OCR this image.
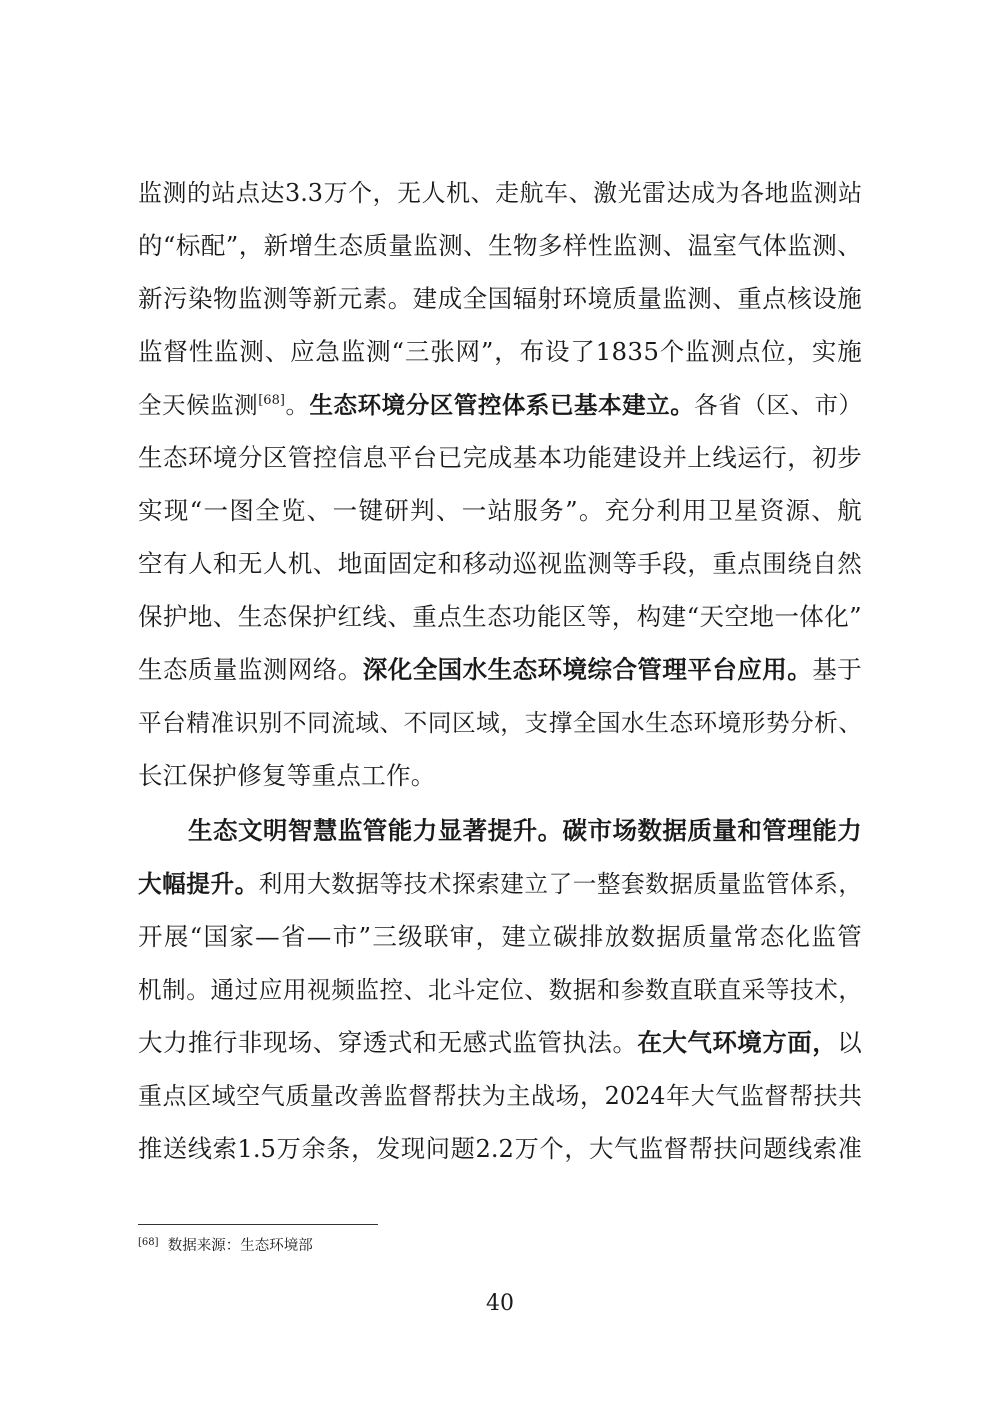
监测的站点达3.3万个，无人机、走航车、激光雷达成为各地监测站
的“标配”，新增生态质量监测、生物多样性监测、温室气体监测、
新污染物监测等新元素。建成全国辐射环境质量监测、重点核设施
监督性监测、应急监测“三张网”，布设了1835个监测点位，实施
全天候监测[68]。生态环境分区管控体系已基本建立。各省（区、市）
生态环境分区管控信息平台已完成基本功能建设并上线运行，初步
实现“一图全览、一键研判、一站服务”。充分利用卫星资源、航
空有人和无人机、地面固定和移动巡视监测等手段，重点围绕自然
保护地、生态保护红线、重点生态功能区等，构建“天空地一体化”
生态质量监测网络。深化全国水生态环境综合管理平台应用。基于
平台精准识别不同流域、不同区域，支撑全国水生态环境形势分析、
长江保护修复等重点工作。
生态文明智慧监管能力显著提升。碳市场数据质量和管理能力
大幅提升。利用大数据等技术探索建立了一整套数据质量监管体系，
开展“国家—省—市”三级联审，建立碳排放数据质量常态化监管
机制。通过应用视频监控、北斗定位、数据和参数直联直采等技术，
大力推行非现场、穿透式和无感式监管执法。在大气环境方面，以
重点区域空气质量改善监督帮扶为主战场，2024年大气监督帮扶共
推送线索1.5万余条，发现问题2.2万个，大气监督帮扶问题线索准
[68] 数据来源：生态环境部
40
